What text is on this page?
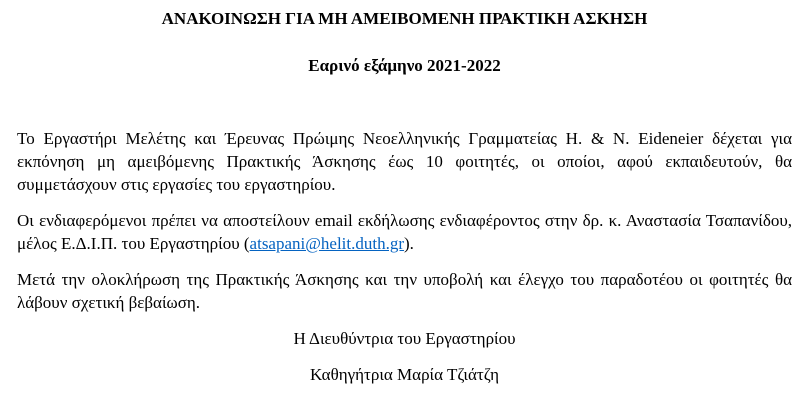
ΑΝΑΚΟΙΝΩΣΗ ΓΙΑ ΜΗ ΑΜΕΙΒΟΜΕΝΗ ΠΡΑΚΤΙΚΗ ΑΣΚΗΣΗ
Εαρινό εξάμηνο 2021-2022

Το Εργαστήρι Μελέτης και Έρευνας Πρώιμης Νεοελληνικής Γραμματείας Η. & Ν. Eideneier δέχεται για εκπόνηση μη αμειβόμενης Πρακτικής Άσκησης έως 10 φοιτητές, οι οποίοι, αφού εκπαιδευτούν, θα συμμετάσχουν στις εργασίες του εργαστηρίου.

Οι ενδιαφερόμενοι πρέπει να αποστείλουν email εκδήλωσης ενδιαφέροντος στην δρ. κ. Αναστασία Τσαπανίδου, μέλος Ε.Δ.Ι.Π. του Εργαστηρίου (atsapani@helit.duth.gr).

Μετά την ολοκλήρωση της Πρακτικής Άσκησης και την υποβολή και έλεγχο του παραδοτέου οι φοιτητές θα λάβουν σχετική βεβαίωση.

Η Διευθύντρια του Εργαστηρίου

Καθηγήτρια Μαρία Τζιάτζη
